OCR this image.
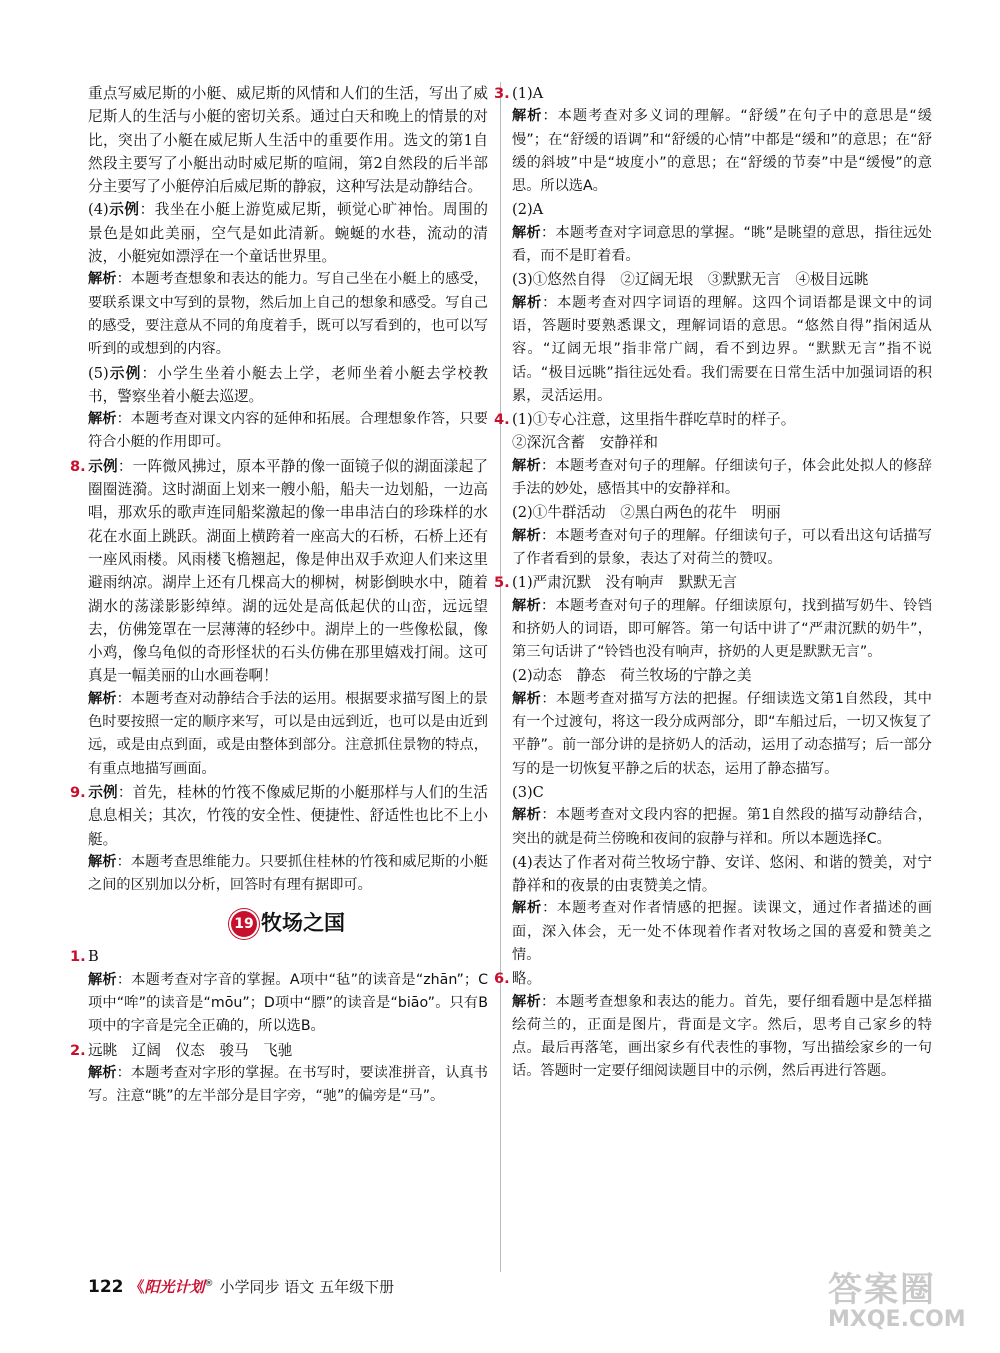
重点写威尼斯的小艇、威尼斯的风情和人们的生活，写出了威尼斯人的生活与小艇的密切关系。通过白天和晚上的情景的对比，突出了小艇在威尼斯人生活中的重要作用。选文的第1自然段主要写了小艇出动时威尼斯的喧闹，第2自然段的后半部分主要写了小艇停泊后威尼斯的静寂，这种写法是动静结合。

(4)示例：我坐在小艇上游览威尼斯，顿觉心旷神怡。周围的景色是如此美丽，空气是如此清新。蜿蜒的水巷，流动的清波，小艇宛如漂浮在一个童话世界里。

解析：本题考查想象和表达的能力。写自己坐在小艇上的感受，要联系课文中写到的景物，然后加上自己的想象和感受。写自己的感受，要注意从不同的角度着手，既可以写看到的，也可以写听到的或想到的内容。

(5)示例：小学生坐着小艇去上学，老师坐着小艇去学校教书，警察坐着小艇去巡逻。

解析：本题考查对课文内容的延伸和拓展。合理想象作答，只要符合小艇的作用即可。

8. 示例：一阵微风拂过，原本平静的像一面镜子似的湖面漾起了圈圈涟漪。这时湖面上划来一艘小船，船夫一边划船，一边高唱，那欢乐的歌声连同船桨激起的像一串串洁白的珍珠样的水花在水面上跳跃。湖面上横跨着一座高大的石桥，石桥上还有一座风雨楼。风雨楼飞檐翘起，像是伸出双手欢迎人们来这里避雨纳凉。湖岸上还有几棵高大的柳树，树影倒映水中，随着湖水的荡漾影影绰绰。湖的远处是高低起伏的山峦，远远望去，仿佛笼罩在一层薄薄的轻纱中。湖岸上的一些像松鼠，像小鸡，像乌龟似的奇形怪状的石头仿佛在那里嬉戏打闹。这可真是一幅美丽的山水画卷啊！

解析：本题考查对动静结合手法的运用。根据要求描写图上的景色时要按照一定的顺序来写，可以是由远到近，也可以是由近到远，或是由点到面，或是由整体到部分。注意抓住景物的特点，有重点地描写画面。

9. 示例：首先，桂林的竹筏不像威尼斯的小艇那样与人们的生活息息相关；其次，竹筏的安全性、便捷性、舒适性也比不上小艇。

解析：本题考查思维能力。只要抓住桂林的竹筏和威尼斯的小艇之间的区别加以分析，回答时有理有据即可。

19 牧场之国

1. B

解析：本题考查对字音的掌握。A项中“毡”的读音是“zhān”；C项中“哞”的读音是“mōu”；D项中“膘”的读音是“biāo”。只有B项中的字音是完全正确的，所以选B。

2. 远眺　辽阔　仪态　骏马　飞驰

解析：本题考查对字形的掌握。在书写时，要读准拼音，认真书写。注意“眺”的左半部分是目字旁，“驰”的偏旁是“马”。

3. (1)A

解析：本题考查对多义词的理解。“舒缓”在句子中的意思是“缓慢”；在“舒缓的语调”和“舒缓的心情”中都是“缓和”的意思；在“舒缓的斜坡”中是“坡度小”的意思；在“舒缓的节奏”中是“缓慢”的意思。所以选A。

(2)A

解析：本题考查对字词意思的掌握。“眺”是眺望的意思，指往远处看，而不是盯着看。

(3)①悠然自得　②辽阔无垠　③默默无言　④极目远眺

解析：本题考查对四字词语的理解。这四个词语都是课文中的词语，答题时要熟悉课文，理解词语的意思。“悠然自得”指闲适从容。“辽阔无垠”指非常广阔，看不到边界。“默默无言”指不说话。“极目远眺”指往远处看。我们需要在日常生活中加强词语的积累，灵活运用。

4. (1)①专心注意，这里指牛群吃草时的样子。

②深沉含蓄　安静祥和

解析：本题考查对句子的理解。仔细读句子，体会此处拟人的修辞手法的妙处，感悟其中的安静祥和。

(2)①牛群活动　②黑白两色的花牛　明丽

解析：本题考查对句子的理解。仔细读句子，可以看出这句话描写了作者看到的景象，表达了对荷兰的赞叹。

5. (1)严肃沉默　没有响声　默默无言

解析：本题考查对句子的理解。仔细读原句，找到描写奶牛、铃铛和挤奶人的词语，即可解答。第一句话中讲了“严肃沉默的奶牛”，第三句话讲了“铃铛也没有响声，挤奶的人更是默默无言”。

(2)动态　静态　荷兰牧场的宁静之美

解析：本题考查对描写方法的把握。仔细读选文第1自然段，其中有一个过渡句，将这一段分成两部分，即“车船过后，一切又恢复了平静”。前一部分讲的是挤奶人的活动，运用了动态描写；后一部分写的是一切恢复平静之后的状态，运用了静态描写。

(3)C

解析：本题考查对文段内容的把握。第1自然段的描写动静结合，突出的就是荷兰傍晚和夜间的寂静与祥和。所以本题选择C。

(4)表达了作者对荷兰牧场宁静、安详、悠闲、和谐的赞美，对宁静祥和的夜景的由衷赞美之情。

解析：本题考查对作者情感的把握。读课文，通过作者描述的画面，深入体会，无一处不体现着作者对牧场之国的喜爱和赞美之情。

6. 略。

解析：本题考查想象和表达的能力。首先，要仔细看题中是怎样描绘荷兰的，正面是图片，背面是文字。然后，思考自己家乡的特点。最后再落笔，画出家乡有代表性的事物，写出描绘家乡的一句话。答题时一定要仔细阅读题目中的示例，然后再进行答题。

122 《阳光计划® 小学同步 语文 五年级下册	答案圈
MXQE.COM
